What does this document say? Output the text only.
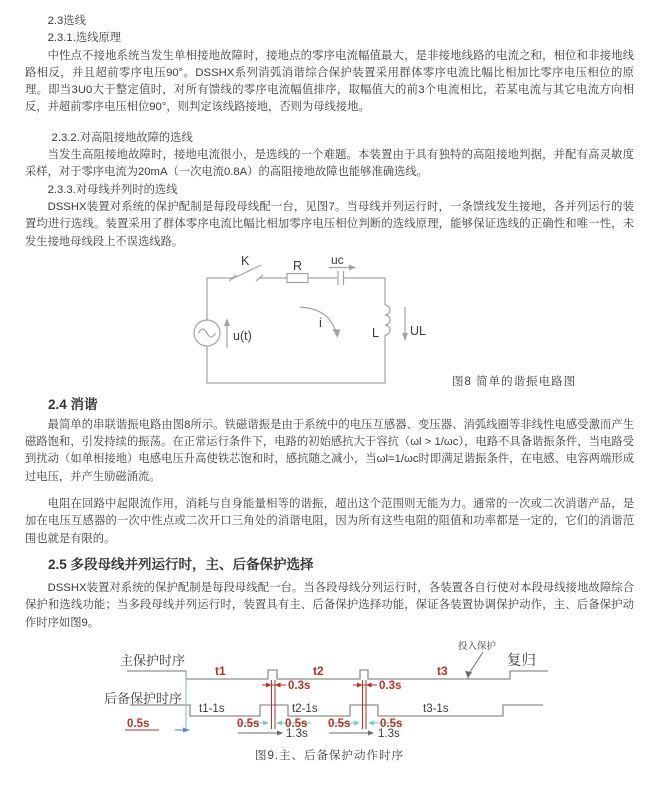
2.3选线

2.3.1.选线原理

中性点不接地系统当发生单相接地故障时，接地点的零序电流幅值最大，是非接地线路的电流之和，相位和非接地线路相反，并且超前零序电压90°。DSSHX系列消弧消谐综合保护装置采用群体零序电流比幅比相加比零序电压相位的原理。即当3U0大于整定值时，对所有馈线的零序电流幅值排序，取幅值大的前3个电流相比，若某电流与其它电流方向相反，并超前零序电压相位90°，则判定该线路接地，否则为母线接地。

2.3.2.对高阻接地故障的选线

当发生高阻接地故障时，接地电流很小，是选线的一个难题。本装置由于具有独特的高阻接地判据，并配有高灵敏度采样，对于零序电流为20mA（一次电流0.8A）的高阻接地故障也能够准确选线。

2.3.3.对母线并列时的选线

DSSHX装置对系统的保护配制是每段母线配一台，见图7。当母线并列运行时，一条馈线发生接地，各并列运行的装置均进行选线。装置采用了群体零序电流比幅比相加零序电压相位判断的选线原理，能够保证选线的正确性和唯一性，未发生接地母线段上不误选线路。

K	R uc
u(t)
i
L UL
图8 简单的谐振电路图

2.4 消谐

最简单的串联谐振电路由图8所示。铁磁谐振是由于系统中的电压互感器、变压器、消弧线圈等非线性电感受激而产生磁路饱和，引发持续的振荡。在正常运行条件下，电路的初始感抗大于容抗（ωl > 1/ωc），电路不具备谐振条件，当电路受到扰动（如单相接地）电感电压升高使铁芯饱和时，感抗随之减小，当ωl=1/ωc时即满足谐振条件，在电感、电容两端形成过电压，并产生励磁涌流。

电阻在回路中起限流作用，消耗与自身能量相等的谐振，超出这个范围则无能为力。通常的一次或二次消谐产品，是加在电压互感器的一次中性点或二次开口三角处的消谐电阻，因为所有这些电阻的阻值和功率都是一定的，它们的消谐范围也就是有限的。

2.5 多段母线并列运行时，主、后备保护选择

DSSHX装置对系统的保护配制是每段母线配一台。当各段母线分列运行时，各装置各自行使对本段母线接地故障综合保护和选线功能；当多段母线并列运行时，装置具有主、后备保护选择功能，保证各装置协调保护动作，主、后备保护动作时序如图9。

主保护时序
后备保护时序
t1	t2	t3
t1-1s	t2-1s	t3-1s
0.3s	0.3s
0.5s	0.5s 0.5s 0.5s	0.5s
1.3s	1.3s
投入保护
复归

图9.主、后备保护动作时序
